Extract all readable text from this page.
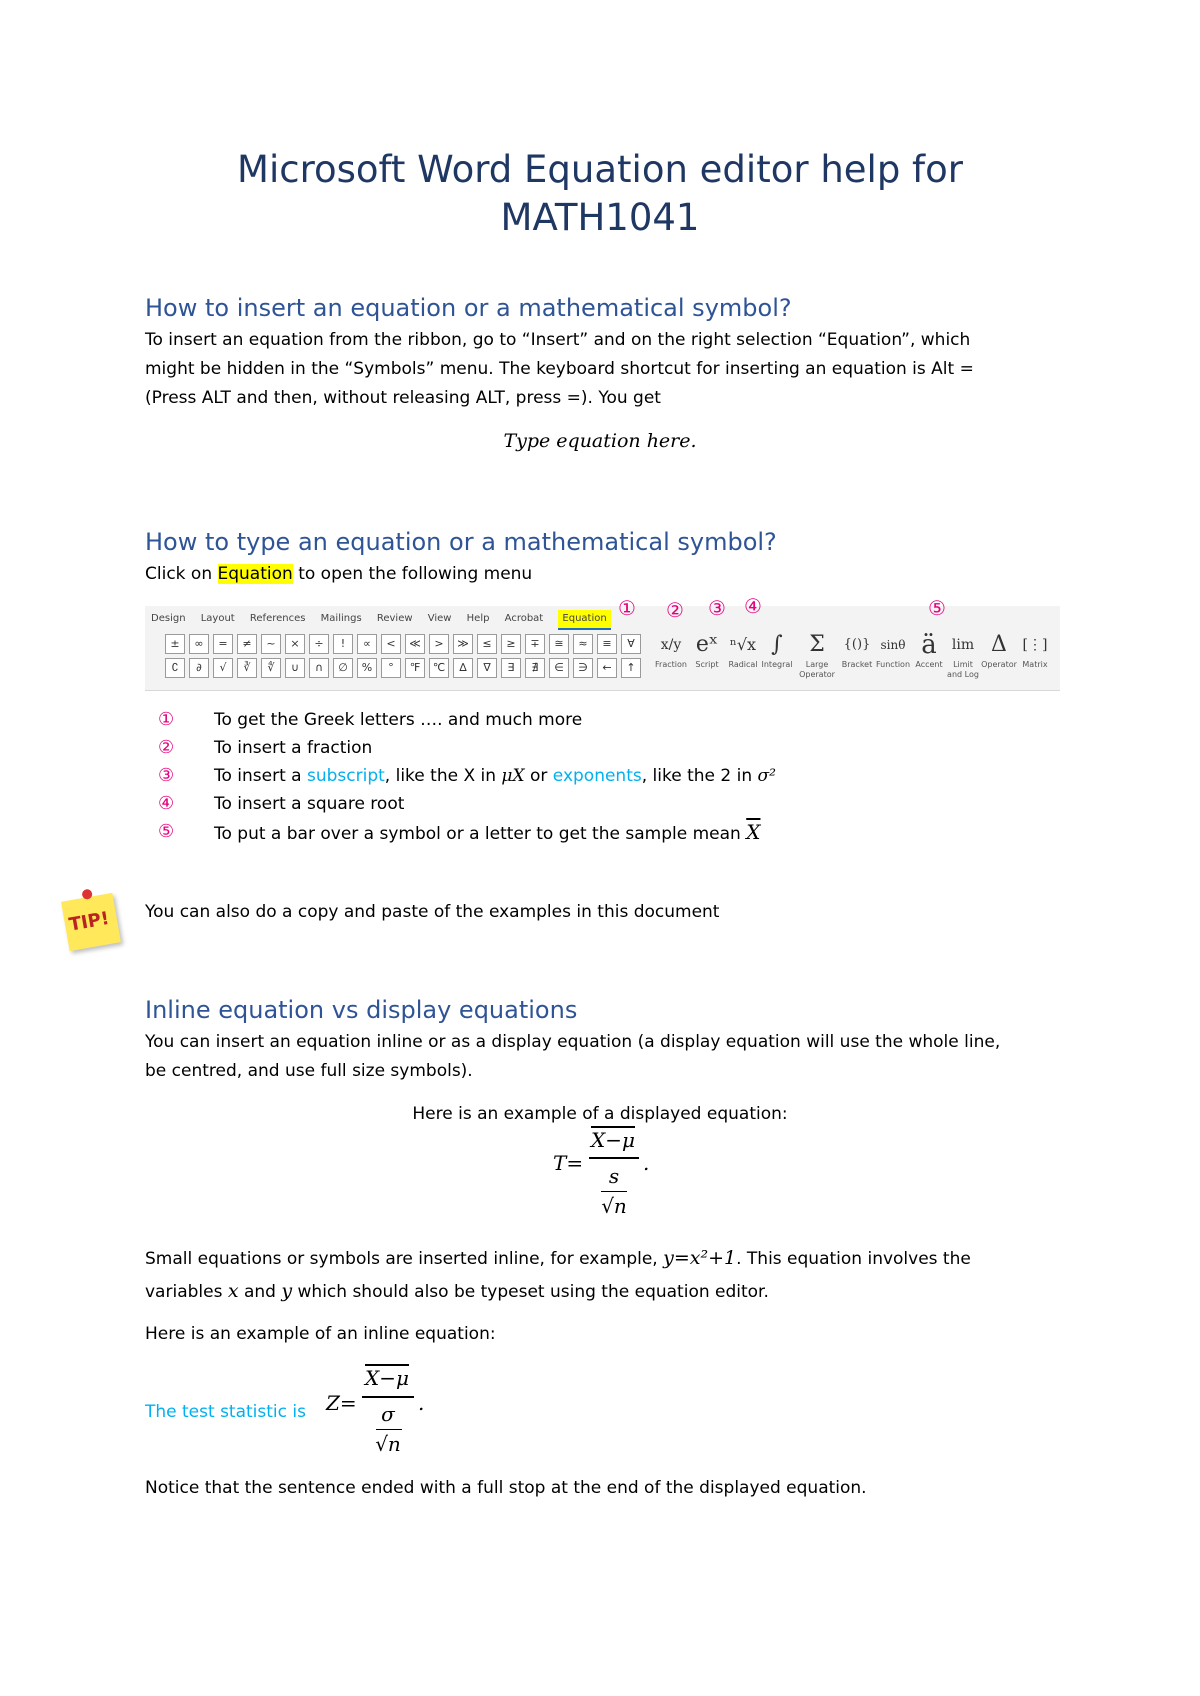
Microsoft Word Equation editor help for
MATH1041
How to insert an equation or a mathematical symbol?
To insert an equation from the ribbon, go to “Insert” and on the right selection “Equation”, which
might be hidden in the “Symbols” menu. The keyboard shortcut for inserting an equation is Alt =
(Press ALT and then, without releasing ALT, press =). You get
Type equation here.
How to type an equation or a mathematical symbol?
Click on Equation to open the following menu
Design Layout References Mailings Review View Help Acrobat Equation
±	∞	=	≠	~	×	÷	!	∝	<	≪	>	≫	≤	≥	∓	≅	≈	≡	∀
∁	∂	√	∛	∜	∪	∩	∅	%	°	℉	℃	∆	∇	∃	∄	∈	∋	←	↑
x/y
Fraction
eˣ
Script
ⁿ√x
Radical
∫
Integral
Σ
Large Operator
{()}
Bracket
sinθ
Function
ä
Accent
lim
Limit and Log
Δ
Operator
[⋮]
Matrix
① ② ③ ④	⑤
①	To get the Greek letters …. and much more
②	To insert a fraction
③	To insert a subscript, like the X in μX or exponents, like the 2 in σ²
④	To insert a square root
⑤	To put a bar over a symbol or a letter to get the sample mean $\overline{X}$
TIP! You can also do a copy and paste of the examples in this document
Inline equation vs display equations
You can insert an equation inline or as a display equation (a display equation will use the whole line,
be centred, and use full size symbols).
Here is an example of a displayed equation:
T=
X−μ
s
√n
.
Small equations or symbols are inserted inline, for example, y=x²+1. This equation involves the
variables x and y which should also be typeset using the equation editor.
Here is an example of an inline equation:
The test statistic is	Z=
X−μ
σ
√n
.
Notice that the sentence ended with a full stop at the end of the displayed equation.
